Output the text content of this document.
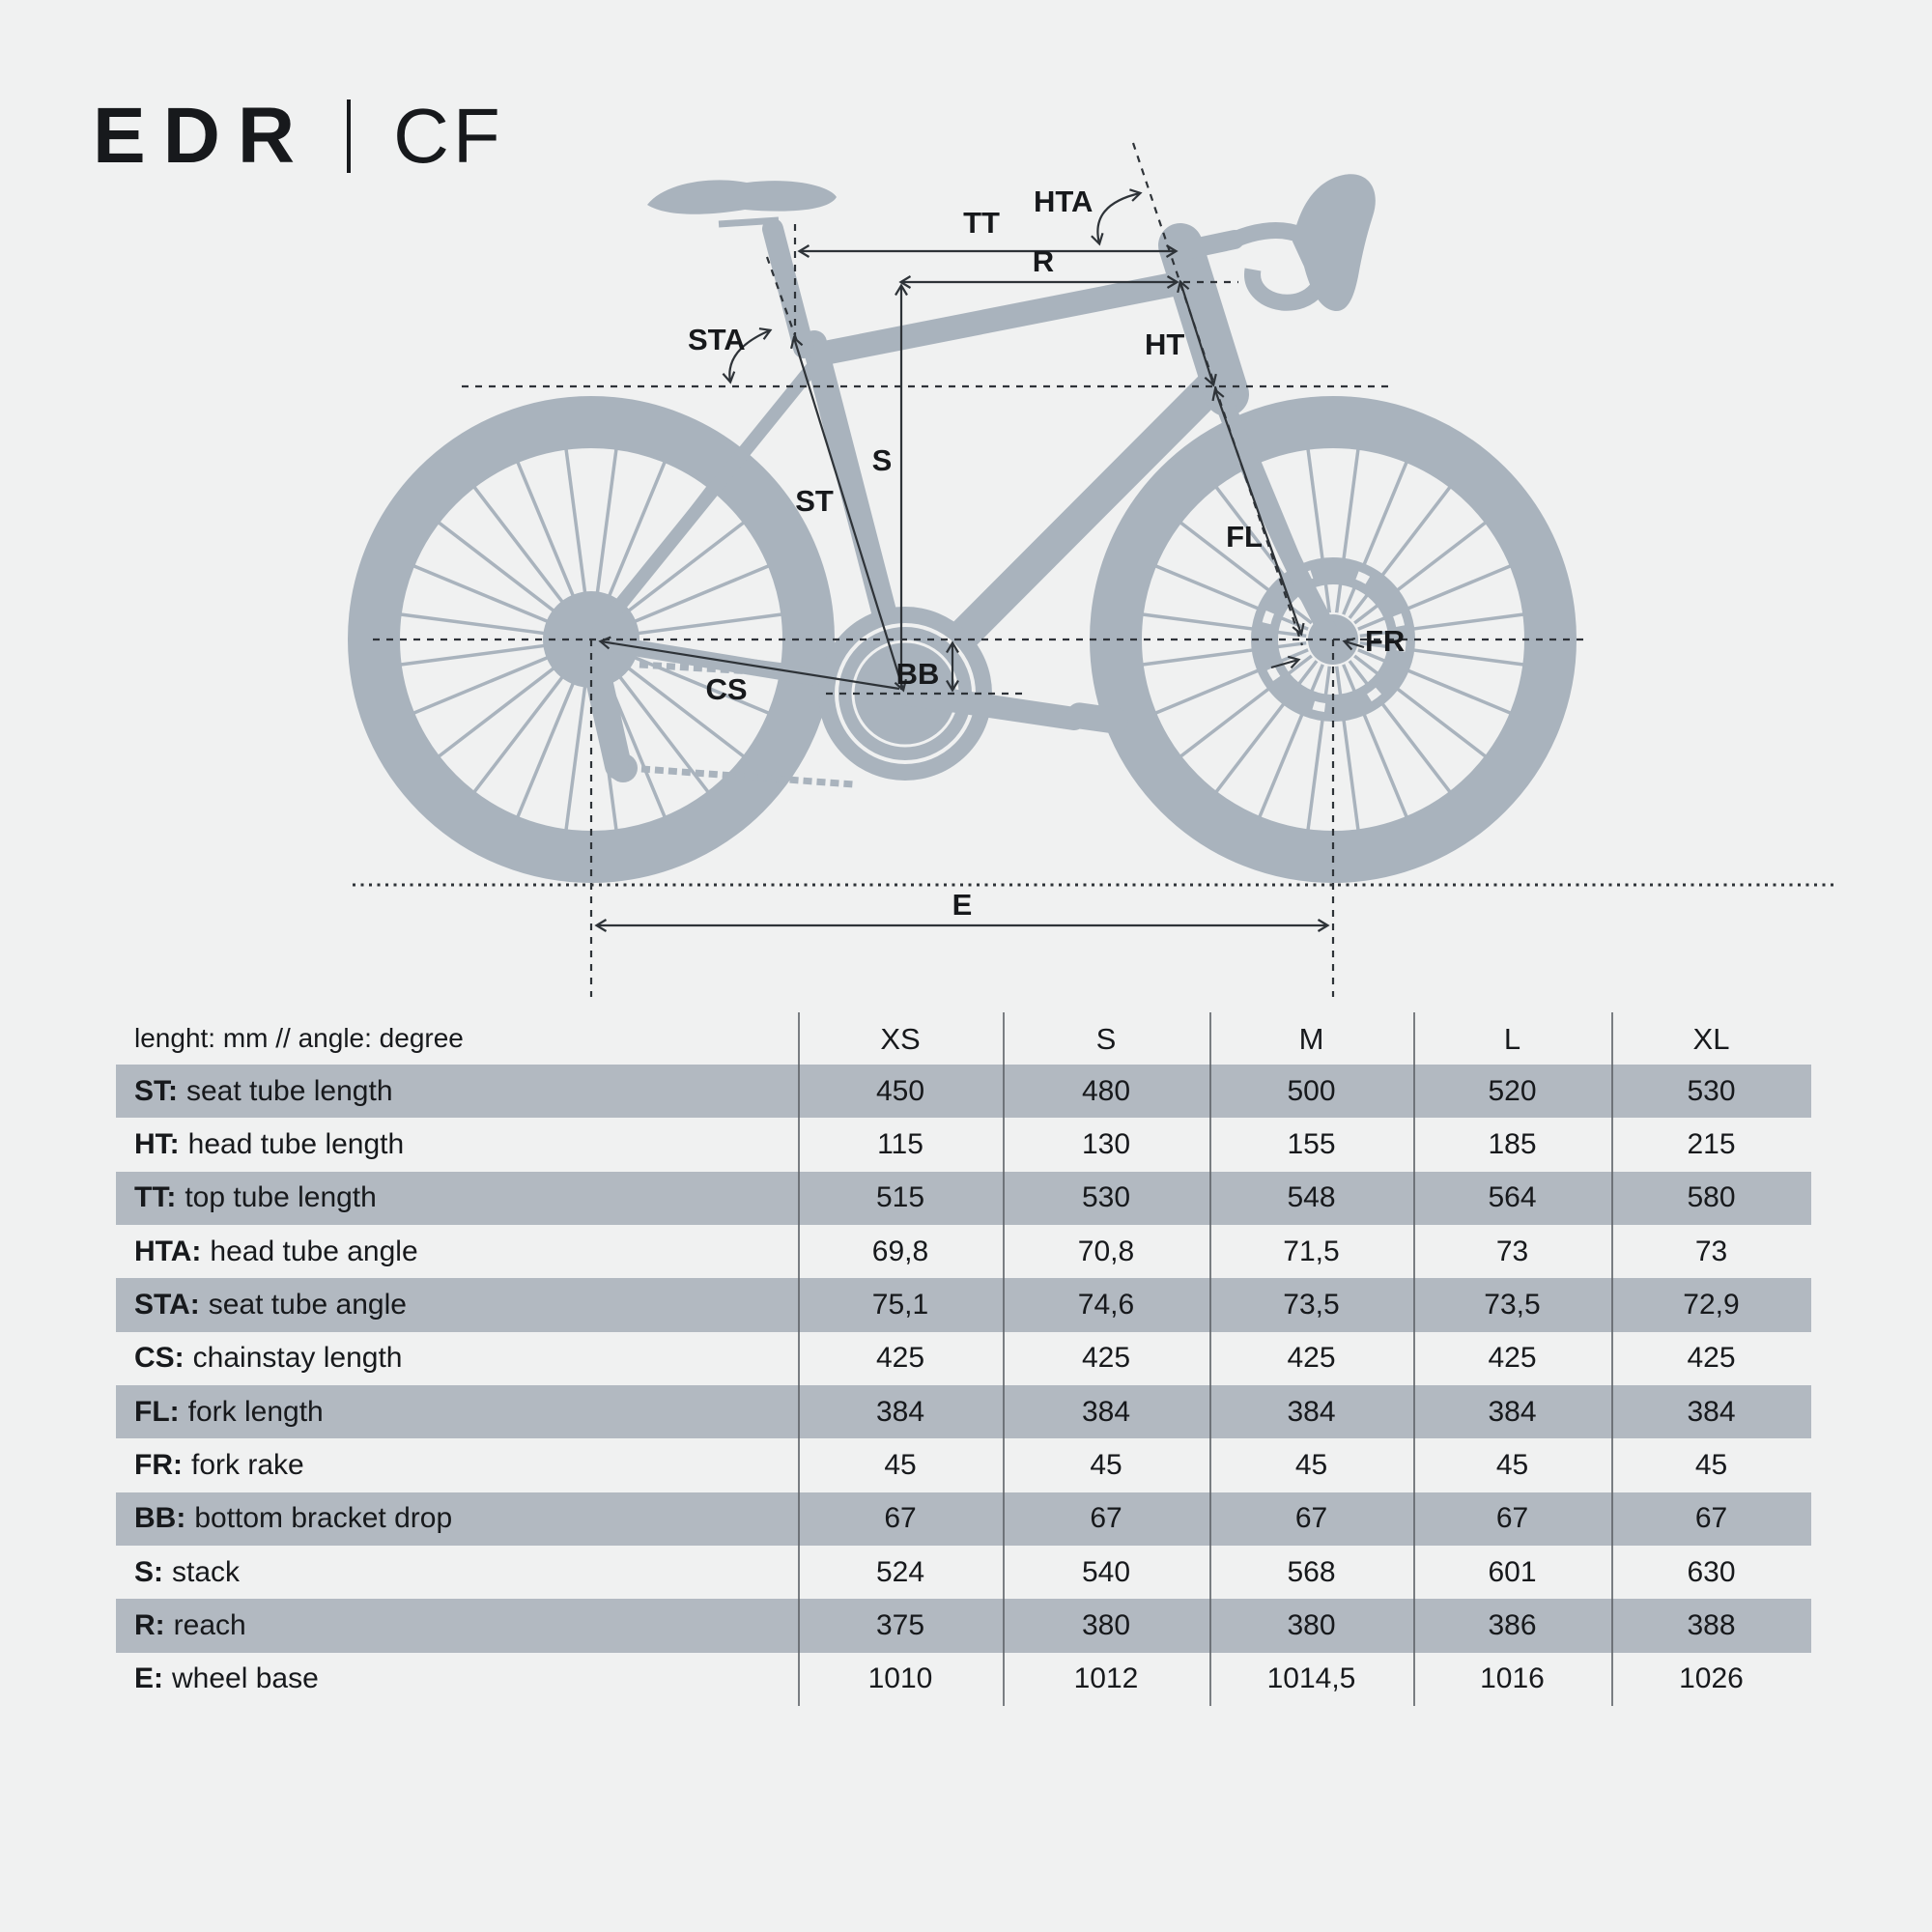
EDR CF
HTA
TT
R
STA	HT
S
ST
FL
CS	BB
FR
E
lenght: mm // angle: degree	XS	S	M	L	XL
ST: seat tube length	450	480	500	520	530
HT: head tube length	115	130	155	185	215
TT: top tube length	515	530	548	564	580
HTA: head tube angle	69,8	70,8	71,5	73	73
STA: seat tube angle	75,1	74,6	73,5	73,5	72,9
CS: chainstay length	425	425	425	425	425
FL: fork length	384	384	384	384	384
FR: fork rake	45	45	45	45	45
BB: bottom bracket drop	67	67	67	67	67
S: stack	524	540	568	601	630
R: reach	375	380	380	386	388
E: wheel base	1010	1012	1014,5	1016	1026
